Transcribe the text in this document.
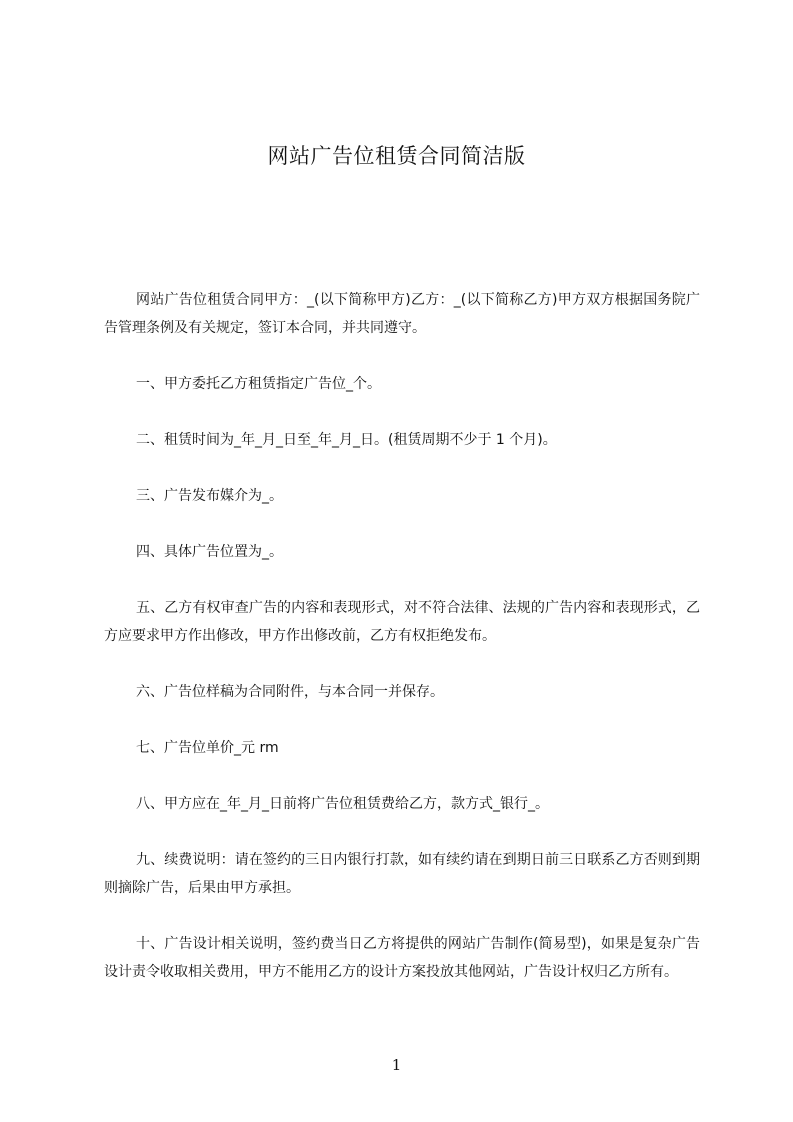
网站广告位租赁合同简洁版

网站广告位租赁合同甲方：_(以下简称甲方)乙方：_(以下简称乙方)甲方双方根据国务院广告管理条例及有关规定，签订本合同，并共同遵守。

一、甲方委托乙方租赁指定广告位_个。

二、租赁时间为_年_月_日至_年_月_日。(租赁周期不少于 1 个月)。

三、广告发布媒介为_。

四、具体广告位置为_。

五、乙方有权审查广告的内容和表现形式，对不符合法律、法规的广告内容和表现形式，乙方应要求甲方作出修改，甲方作出修改前，乙方有权拒绝发布。

六、广告位样稿为合同附件，与本合同一并保存。

七、广告位单价_元 rm

八、甲方应在_年_月_日前将广告位租赁费给乙方，款方式_银行_。

九、续费说明：请在签约的三日内银行打款，如有续约请在到期日前三日联系乙方否则到期则摘除广告，后果由甲方承担。

十、广告设计相关说明，签约费当日乙方将提供的网站广告制作(简易型)，如果是复杂广告设计责令收取相关费用，甲方不能用乙方的设计方案投放其他网站，广告设计权归乙方所有。

1
